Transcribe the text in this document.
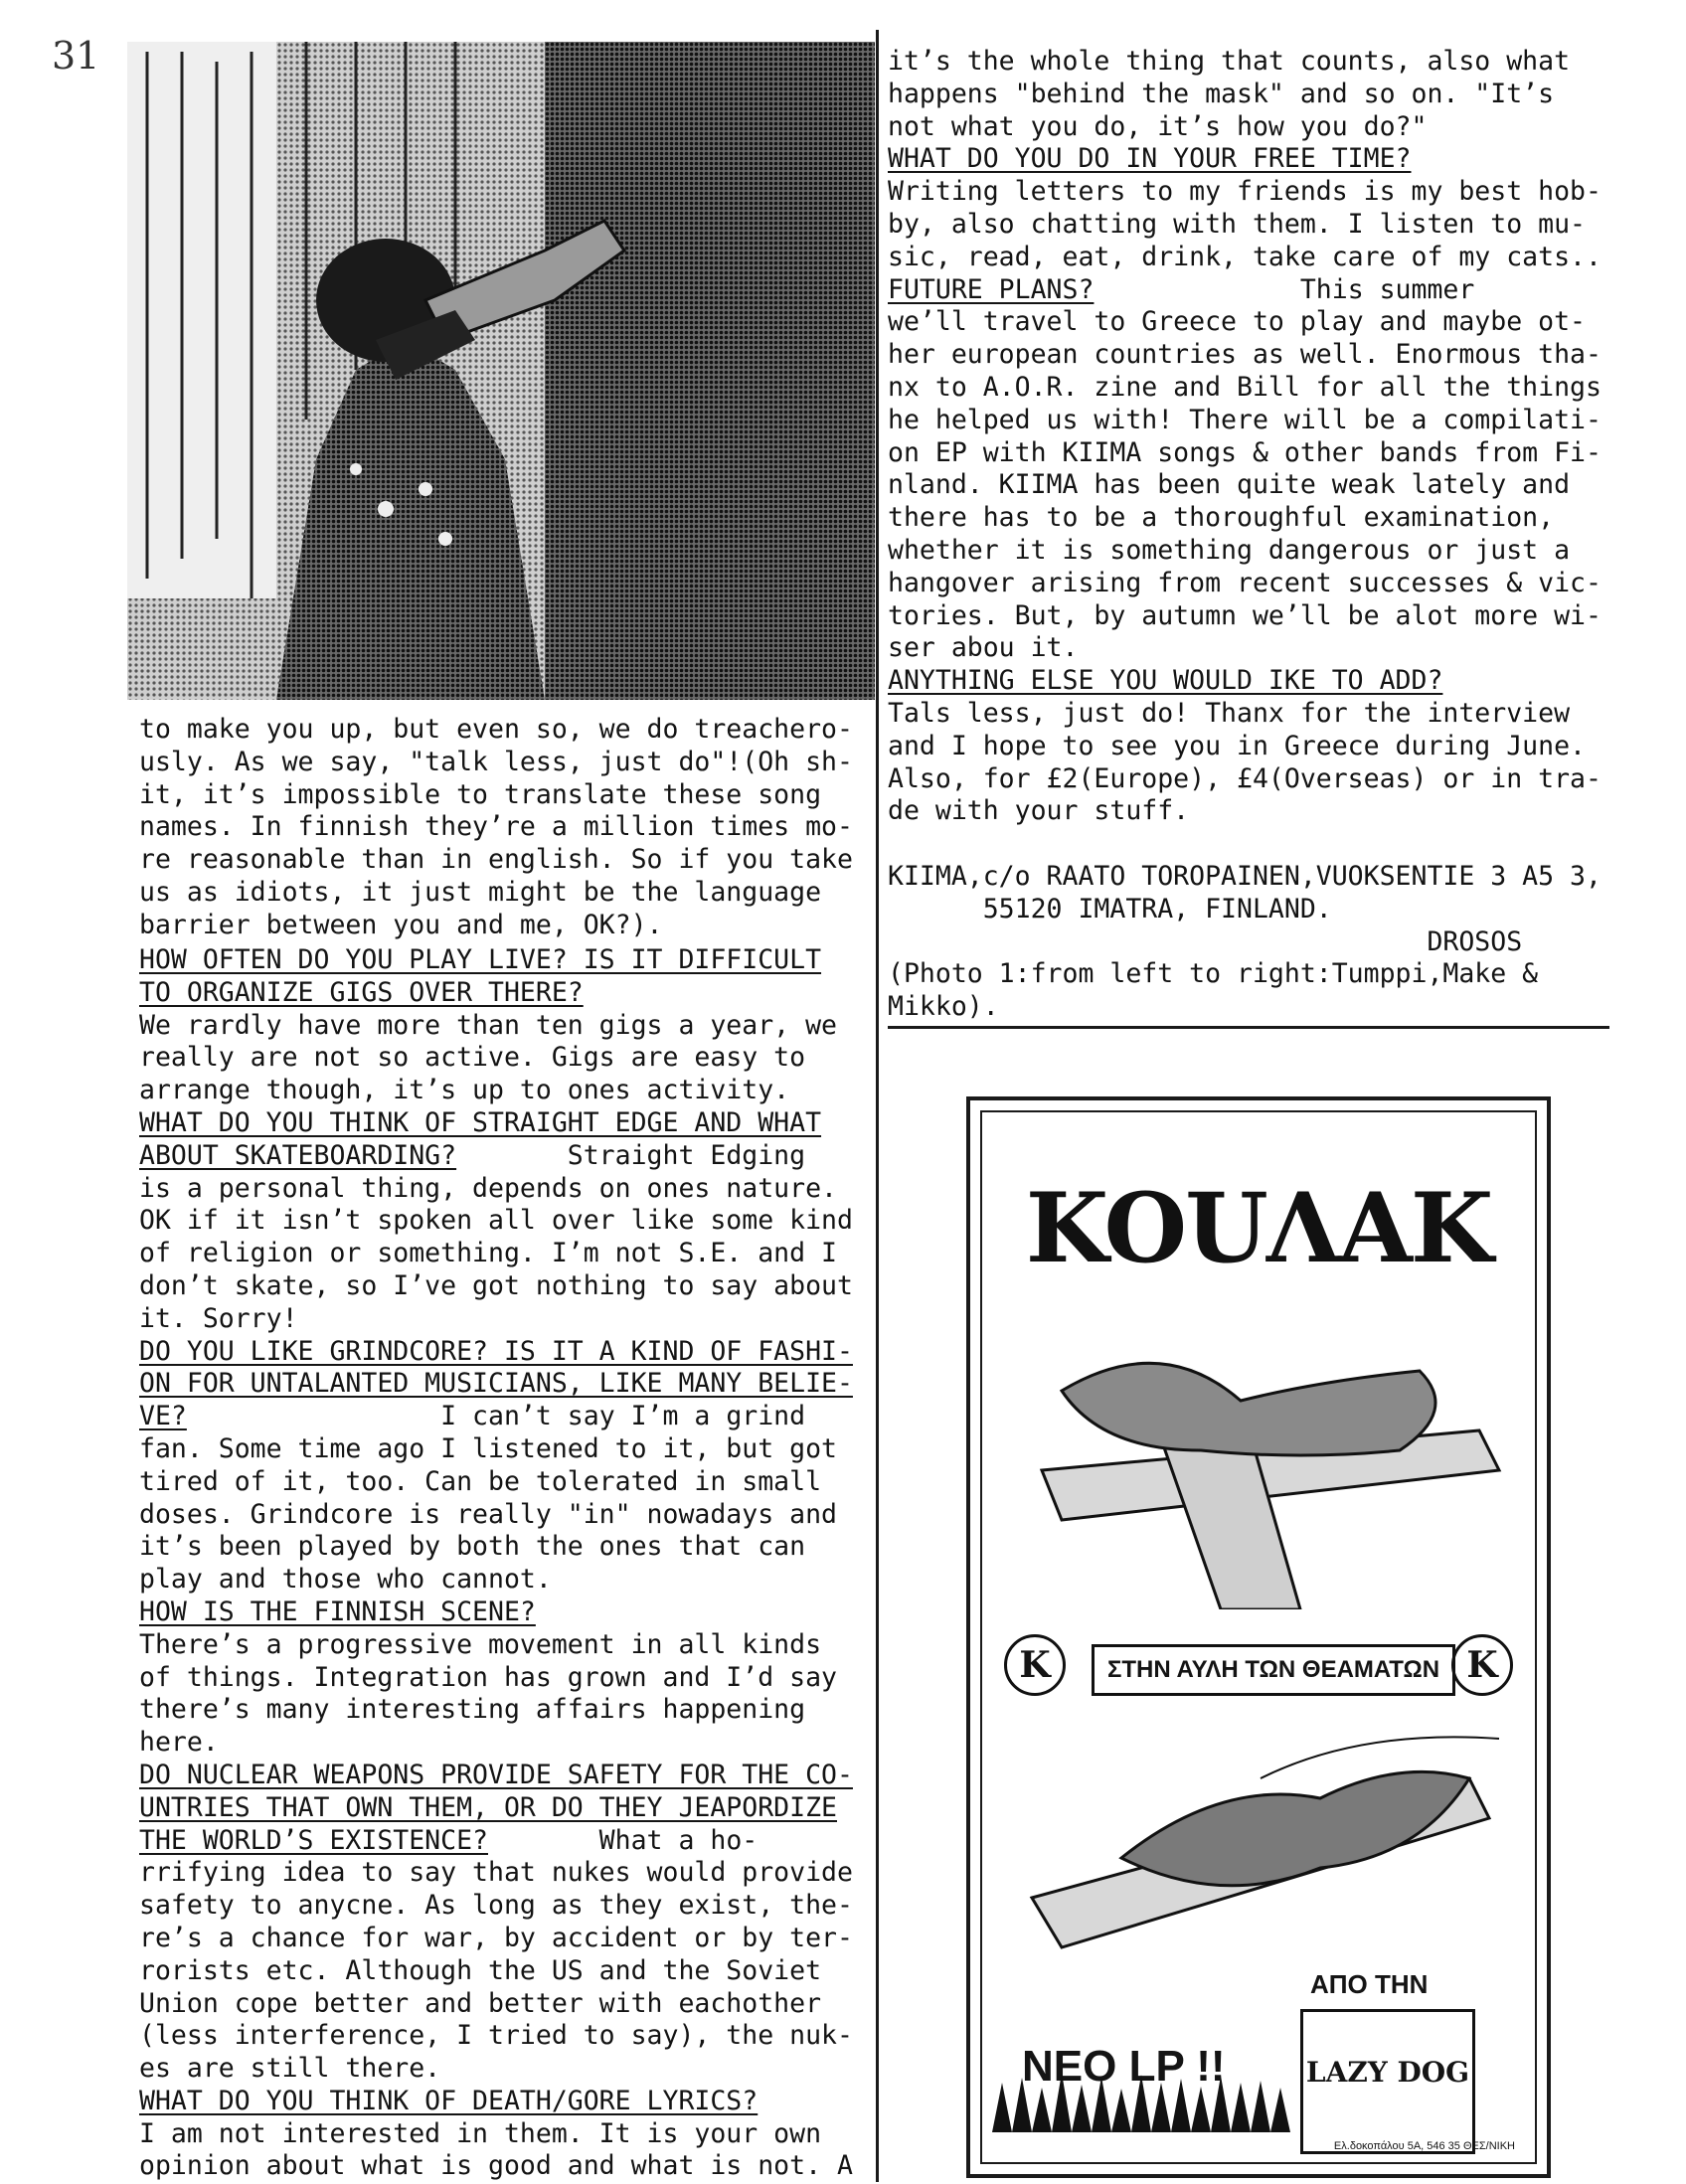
31
to make you up, but even so, we do treachero-
usly. As we say, "talk less, just do"!(Oh sh-
it, it’s impossible to translate these song
names. In finnish they’re a million times mo-
re reasonable than in english. So if you take
us as idiots, it just might be the language
barrier between you and me, OK?).
HOW OFTEN DO YOU PLAY LIVE? IS IT DIFFICULT
TO ORGANIZE GIGS OVER THERE?
We rardly have more than ten gigs a year, we
really are not so active. Gigs are easy to
arrange though, it’s up to ones activity.
WHAT DO YOU THINK OF STRAIGHT EDGE AND WHAT
ABOUT SKATEBOARDING?       Straight Edging
is a personal thing, depends on ones nature.
OK if it isn’t spoken all over like some kind
of religion or something. I’m not S.E. and I
don’t skate, so I’ve got nothing to say about
it. Sorry!
DO YOU LIKE GRINDCORE? IS IT A KIND OF FASHI-
ON FOR UNTALANTED MUSICIANS, LIKE MANY BELIE-
VE?                I can’t say I’m a grind
fan. Some time ago I listened to it, but got
tired of it, too. Can be tolerated in small
doses. Grindcore is really "in" nowadays and
it’s been played by both the ones that can
play and those who cannot.
HOW IS THE FINNISH SCENE?
There’s a progressive movement in all kinds
of things. Integration has grown and I’d say
there’s many interesting affairs happening
here.
DO NUCLEAR WEAPONS PROVIDE SAFETY FOR THE CO-
UNTRIES THAT OWN THEM, OR DO THEY JEAPORDIZE
THE WORLD’S EXISTENCE?       What a ho-
rrifying idea to say that nukes would provide
safety to anycne. As long as they exist, the-
re’s a chance for war, by accident or by ter-
rorists etc. Although the US and the Soviet
Union cope better and better with eachother
(less interference, I tried to say), the nuk-
es are still there.
WHAT DO YOU THINK OF DEATH/GORE LYRICS?
I am not interested in them. It is your own
opinion about what is good and what is not. A
it’s the whole thing that counts, also what
happens "behind the mask" and so on. "It’s
not what you do, it’s how you do?"
WHAT DO YOU DO IN YOUR FREE TIME?
Writing letters to my friends is my best hob-
by, also chatting with them. I listen to mu-
sic, read, eat, drink, take care of my cats..
FUTURE PLANS?             This summer
we’ll travel to Greece to play and maybe ot-
her european countries as well. Enormous tha-
nx to A.O.R. zine and Bill for all the things
he helped us with! There will be a compilati-
on EP with KIIMA songs & other bands from Fi-
nland. KIIMA has been quite weak lately and
there has to be a thoroughful examination,
whether it is something dangerous or just a
hangover arising from recent successes & vic-
tories. But, by autumn we’ll be alot more wi-
ser abou it.
ANYTHING ELSE YOU WOULD IKE TO ADD?
Tals less, just do! Thanx for the interview
and I hope to see you in Greece during June.
Also, for £2(Europe), £4(Overseas) or in tra-
de with your stuff.

KIIMA,c/o RAATO TOROPAINEN,VUOKSENTIE 3 A5 3,
55120 IMATRA, FINLAND.
DROSOS
(Photo 1:from left to right:Tumppi,Make &
Mikko).
KOUΛAK
K	ΣΤΗΝ ΑΥΛΗ ΤΩΝ ΘΕΑΜΑΤΩΝ K
ΑΠΟ ΤΗΝ
NEO LP !!	LAZY DOG
Ελ.δοκοπάλου 5Α, 546 35 ΘΕΣ/ΝΙΚΗ
